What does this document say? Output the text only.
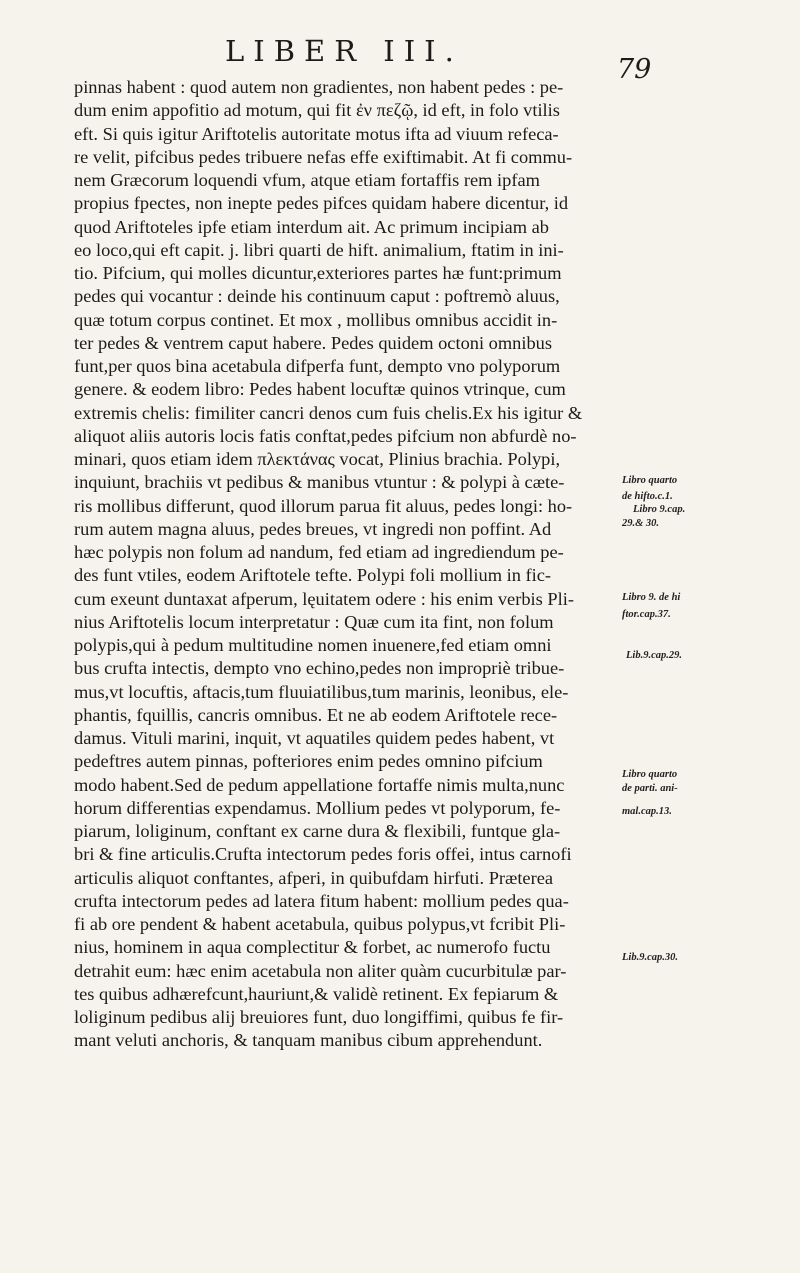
LIBER III.
79
pinnas habent : quod autem non gradientes, non habent pedes : pe-
dum enim appofitio ad motum, qui fit ἐν πεζῷ, id eft, in folo vtilis
eft. Si quis igitur Ariftotelis autoritate motus ifta ad viuum refeca-
re velit, pifcibus pedes tribuere nefas effe exiftimabit. At fi commu-
nem Græcorum loquendi vfum, atque etiam fortaffis rem ipfam
propius fpectes, non inepte pedes pifces quidam habere dicentur, id
quod Ariftoteles ipfe etiam interdum ait. Ac primum incipiam ab
eo loco,qui eft capit. j. libri quarti de hift. animalium, ftatim in ini-
tio. Pifcium, qui molles dicuntur,exteriores partes hæ funt:primum
pedes qui vocantur : deinde his continuum caput : poftremò aluus,
quæ totum corpus continet. Et mox , mollibus omnibus accidit in-
ter pedes & ventrem caput habere. Pedes quidem octoni omnibus
funt,per quos bina acetabula difperfa funt, dempto vno polyporum
genere. & eodem libro: Pedes habent locuftæ quinos vtrinque, cum
extremis chelis: fimiliter cancri denos cum fuis chelis.Ex his igitur &
aliquot aliis autoris locis fatis conftat,pedes pifcium non abfurdè no-
minari, quos etiam idem πλεκτάνας vocat, Plinius brachia. Polypi,
inquiunt, brachiis vt pedibus & manibus vtuntur : & polypi à cæte-
ris mollibus differunt, quod illorum parua fit aluus, pedes longi: ho-
rum autem magna aluus, pedes breues, vt ingredi non poffint. Ad
hæc polypis non folum ad nandum, fed etiam ad ingrediendum pe-
des funt vtiles, eodem Ariftotele tefte. Polypi foli mollium in fic-
cum exeunt duntaxat afperum, lęuitatem odere : his enim verbis Pli-
nius Ariftotelis locum interpretatur : Quæ cum ita fint, non folum
polypis,qui à pedum multitudine nomen inuenere,fed etiam omni
bus crufta intectis, dempto vno echino,pedes non impropriè tribue-
mus,vt locuftis, aftacis,tum fluuiatilibus,tum marinis, leonibus, ele-
phantis, fquillis, cancris omnibus. Et ne ab eodem Ariftotele rece-
damus. Vituli marini, inquit, vt aquatiles quidem pedes habent, vt
pedeftres autem pinnas, pofteriores enim pedes omnino pifcium
modo habent.Sed de pedum appellatione fortaffe nimis multa,nunc
horum differentias expendamus. Mollium pedes vt polyporum, fe-
piarum, loliginum, conftant ex carne dura & flexibili, funtque gla-
bri & fine articulis.Crufta intectorum pedes foris offei, intus carnofi
articulis aliquot conftantes, afperi, in quibufdam hirfuti. Præterea
crufta intectorum pedes ad latera fitum habent: mollium pedes qua-
fi ab ore pendent & habent acetabula, quibus polypus,vt fcribit Pli-
nius, hominem in aqua complectitur & forbet, ac numerofo fuctu
detrahit eum: hæc enim acetabula non aliter quàm cucurbitulæ par-
tes quibus adhærefcunt,hauriunt,& validè retinent. Ex fepiarum &
loliginum pedibus alij breuiores funt, duo longiffimi, quibus fe fir-
mant veluti anchoris, & tanquam manibus cibum apprehendunt.
Libro quarto
de hifto.c.1.
Libro 9.cap.
29.& 30.
Libro 9. de hi
ftor.cap.37.
Lib.9.cap.29.
Libro quarto
de parti. ani-
mal.cap.13.
Lib.9.cap.30.
